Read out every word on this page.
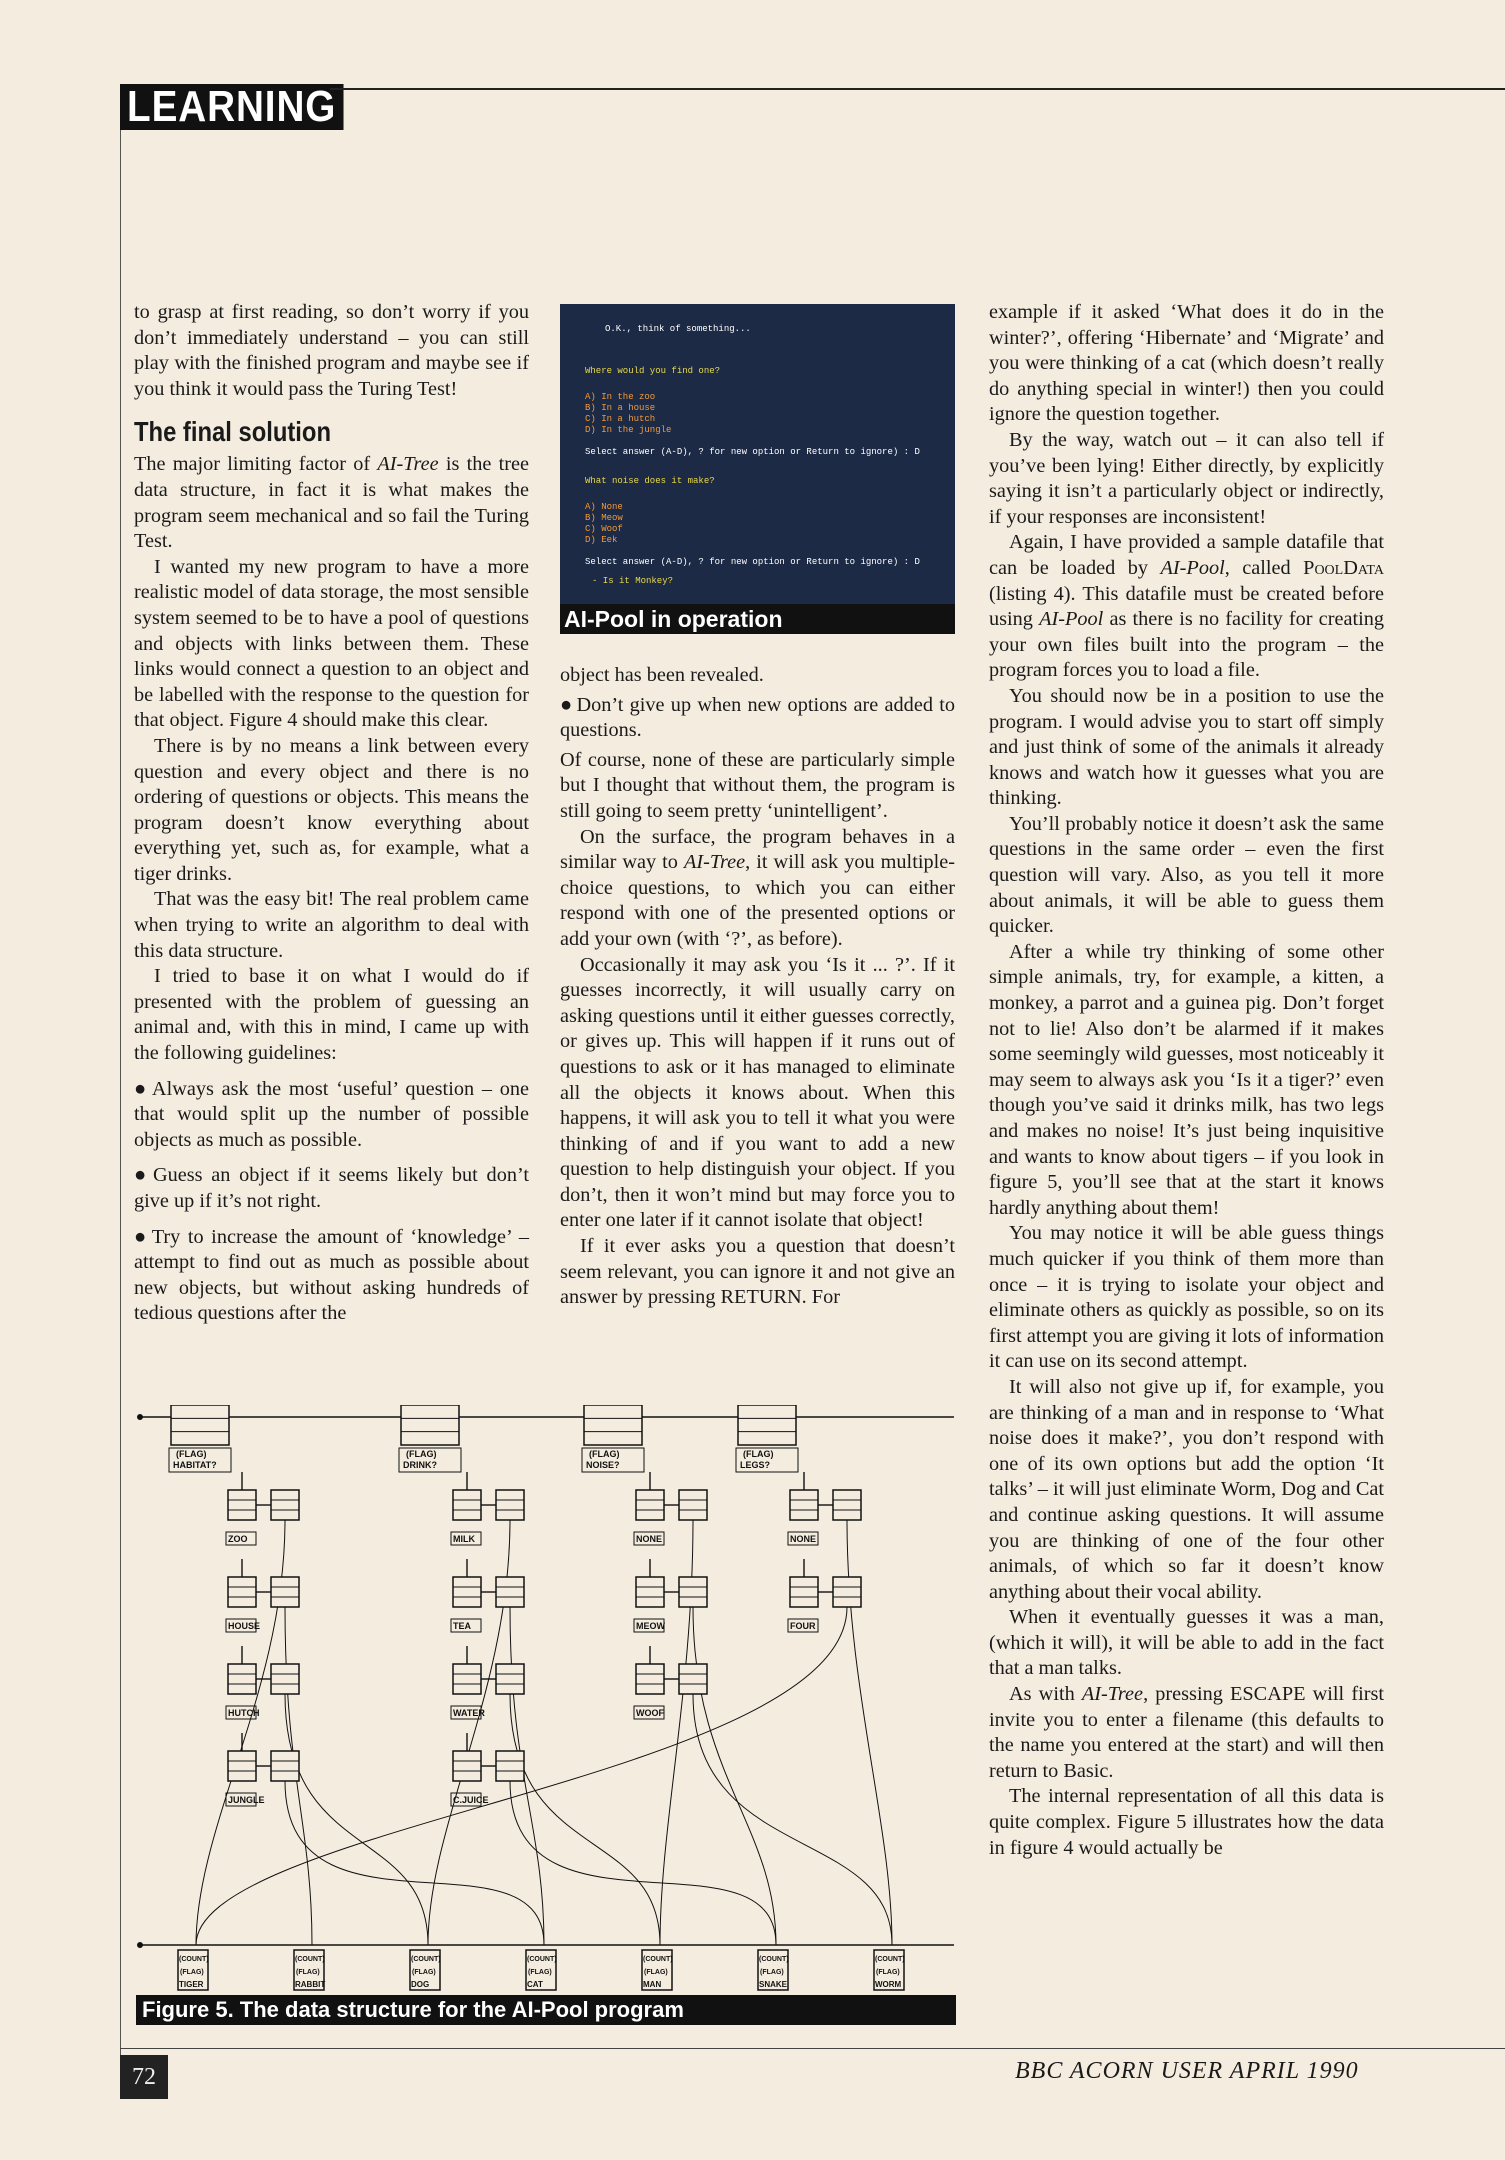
LEARNING

to grasp at first reading, so don’t worry if you don’t immediately understand – you can still play with the finished program and maybe see if you think it would pass the Turing Test!

The final solution

The major limiting factor of AI-Tree is the tree data structure, in fact it is what makes the program seem mechanical and so fail the Turing Test.

I wanted my new program to have a more realistic model of data storage, the most sensible system seemed to be to have a pool of questions and objects with links between them. These links would connect a question to an object and be labelled with the response to the question for that object. Figure 4 should make this clear.

There is by no means a link between every question and every object and there is no ordering of questions or objects. This means the program doesn’t know everything about everything yet, such as, for example, what a tiger drinks.

That was the easy bit! The real problem came when trying to write an algorithm to deal with this data structure.

I tried to base it on what I would do if presented with the problem of guessing an animal and, with this in mind, I came up with the following guidelines:

● Always ask the most ‘useful’ question – one that would split up the number of possible objects as much as possible.

● Guess an object if it seems likely but don’t give up if it’s not right.

● Try to increase the amount of ‘knowledge’ – attempt to find out as much as possible about new objects, but without asking hundreds of tedious questions after the

O.K., think of something...
Where would you find one?
A) In the zoo
B) In a house
C) In a hutch
D) In the jungle
Select answer (A-D), ? for new option or Return to ignore) : D
What noise does it make?
A) None
B) Meow
C) Woof
D) Eek
Select answer (A-D), ? for new option or Return to ignore) : D
- Is it Monkey?
AI-Pool in operation

object has been revealed.

● Don’t give up when new options are added to questions.

Of course, none of these are particularly simple but I thought that without them, the program is still going to seem pretty ‘unintelligent’.

On the surface, the program behaves in a similar way to AI-Tree, it will ask you multiple-choice questions, to which you can either respond with one of the presented options or add your own (with ‘?’, as before).

Occasionally it may ask you ‘Is it ... ?’. If it guesses incorrectly, it will usually carry on asking questions until it either guesses correctly, or gives up. This will happen if it runs out of questions to ask or it has managed to eliminate all the objects it knows about. When this happens, it will ask you to tell it what you were thinking of and if you want to add a new question to help distinguish your object. If you don’t, then it won’t mind but may force you to enter one later if it cannot isolate that object!

If it ever asks you a question that doesn’t seem relevant, you can ignore it and not give an answer by pressing RETURN. For

example if it asked ‘What does it do in the winter?’, offering ‘Hibernate’ and ‘Migrate’ and you were thinking of a cat (which doesn’t really do anything special in winter!) then you could ignore the question together.

By the way, watch out – it can also tell if you’ve been lying! Either directly, by explicitly saying it isn’t a particularly object or indirectly, if your responses are inconsistent!

Again, I have provided a sample datafile that can be loaded by AI-Pool, called PoolData (listing 4). This datafile must be created before using AI-Pool as there is no facility for creating your own files built into the program – the program forces you to load a file.

You should now be in a position to use the program. I would advise you to start off simply and just think of some of the animals it already knows and watch how it guesses what you are thinking.

You’ll probably notice it doesn’t ask the same questions in the same order – even the first question will vary. Also, as you tell it more about animals, it will be able to guess them quicker.

After a while try thinking of some other simple animals, try, for example, a kitten, a monkey, a parrot and a guinea pig. Don’t forget not to lie! Also don’t be alarmed if it makes some seemingly wild guesses, most noticeably it may seem to always ask you ‘Is it a tiger?’ even though you’ve said it drinks milk, has two legs and makes no noise! It’s just being inquisitive and wants to know about tigers – if you look in figure 5, you’ll see that at the start it knows hardly anything about them!

You may notice it will be able guess things much quicker if you think of them more than once – it is trying to isolate your object and eliminate others as quickly as possible, so on its first attempt you are giving it lots of information it can use on its second attempt.

It will also not give up if, for example, you are thinking of a man and in response to ‘What noise does it make?’, you don’t respond with one of its own options but add the option ‘It talks’ – it will just eliminate Worm, Dog and Cat and continue asking questions. It will assume you are thinking of one of the four other animals, of which so far it doesn’t know anything about their vocal ability.

When it eventually guesses it was a man, (which it will), it will be able to add in the fact that a man talks.

As with AI-Tree, pressing ESCAPE will first invite you to enter a filename (this defaults to the name you entered at the start) and will then return to Basic.

The internal representation of all this data is quite complex. Figure 5 illustrates how the data in figure 4 would actually be

(FLAG)
HABITAT?
(FLAG)
DRINK?
(FLAG)
NOISE?
(FLAG)
LEGS?
ZOO
HOUSE
HUTCH
JUNGLE
MILK
TEA
WATER
C.JUICE
NONE
MEOW
WOOF
NONE
FOUR
(COUNT)
(FLAG)
TIGER
(COUNT)
(FLAG)
RABBIT
(COUNT)
(FLAG)
DOG
(COUNT)
(FLAG)
CAT
(COUNT)
(FLAG)
MAN
(COUNT)
(FLAG)
SNAKE
(COUNT)
(FLAG)
WORM
Figure 5. The data structure for the AI-Pool program
72	BBC ACORN USER APRIL 1990
